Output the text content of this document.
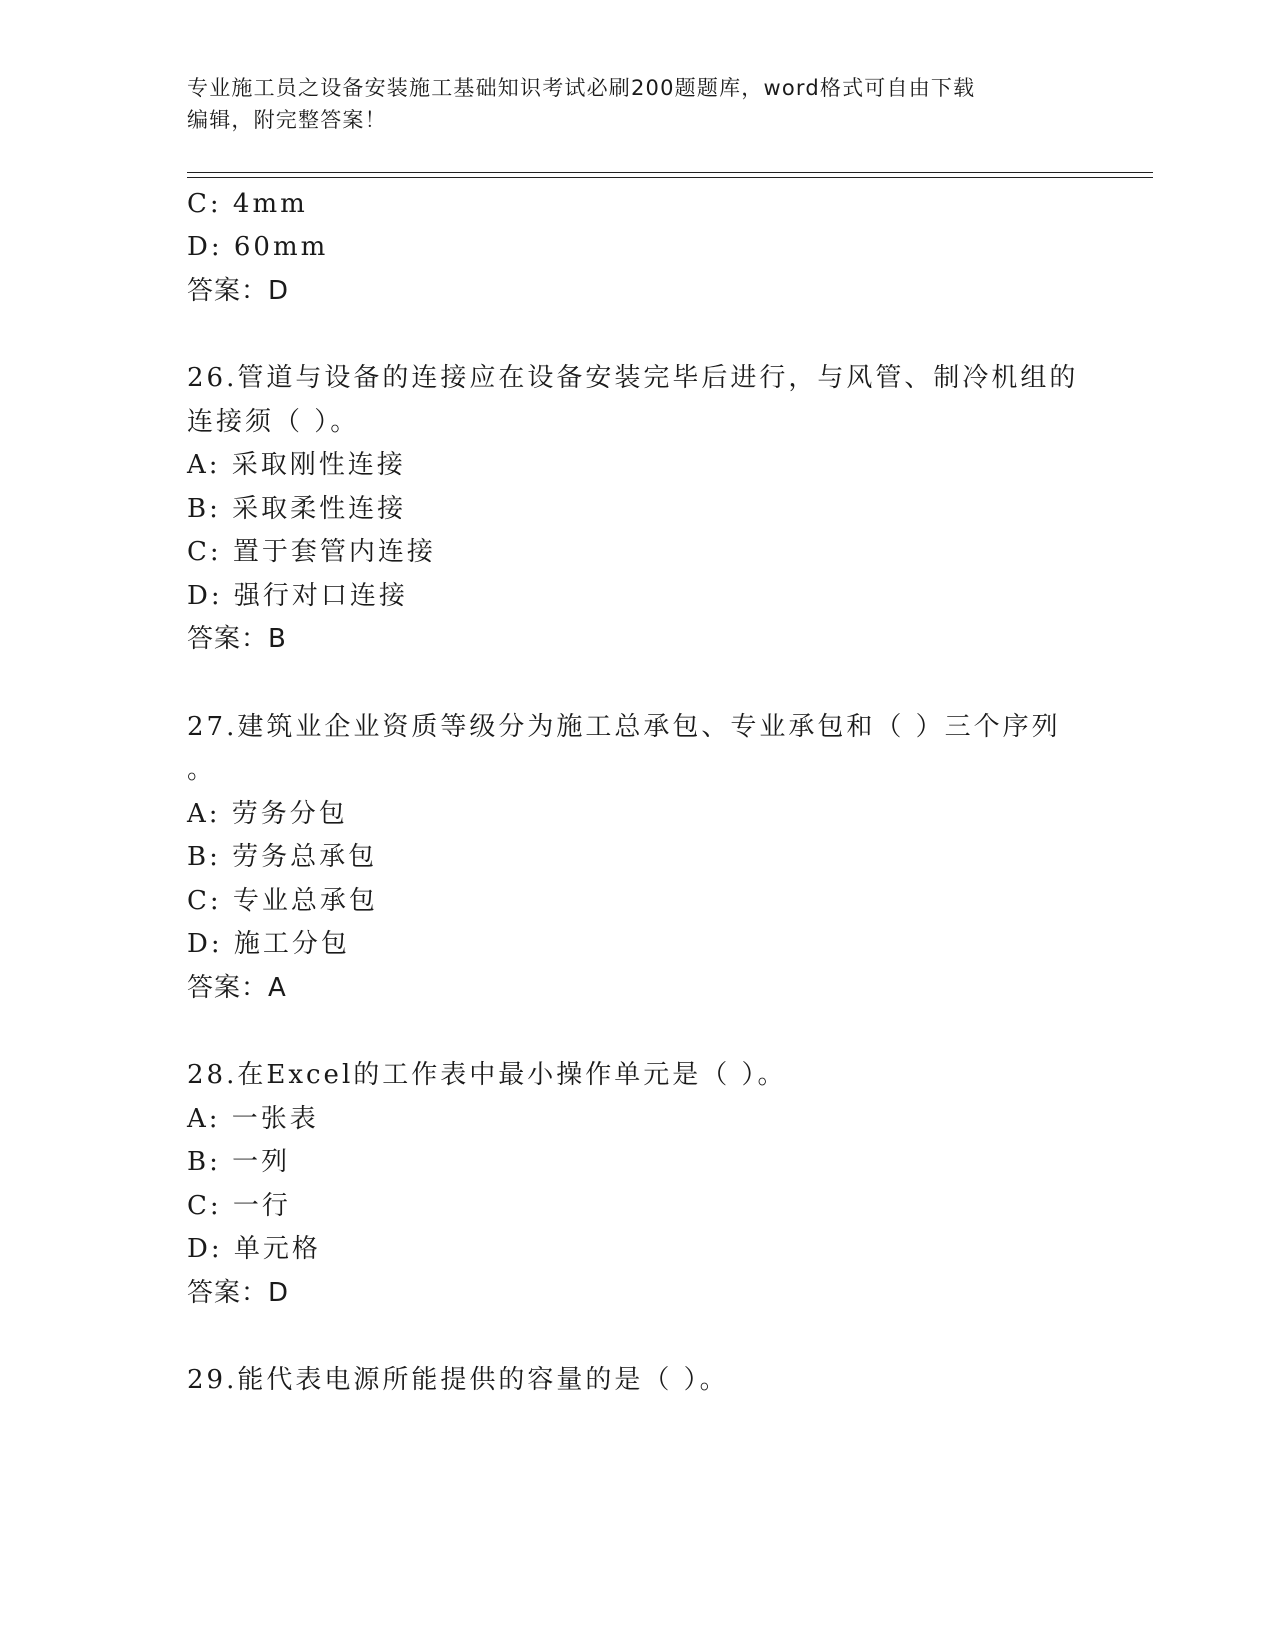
专业施工员之设备安装施工基础知识考试必刷200题题库，word格式可自由下载
编辑，附完整答案！
C: 4mm
D: 60mm
答案：D
26.管道与设备的连接应在设备安装完毕后进行，与风管、制冷机组的
连接须（ ）。
A: 采取刚性连接
B: 采取柔性连接
C: 置于套管内连接
D: 强行对口连接
答案：B
27.建筑业企业资质等级分为施工总承包、专业承包和（ ）三个序列
。
A: 劳务分包
B: 劳务总承包
C: 专业总承包
D: 施工分包
答案：A
28.在Excel的工作表中最小操作单元是（ ）。
A: 一张表
B: 一列
C: 一行
D: 单元格
答案：D
29.能代表电源所能提供的容量的是（ ）。
